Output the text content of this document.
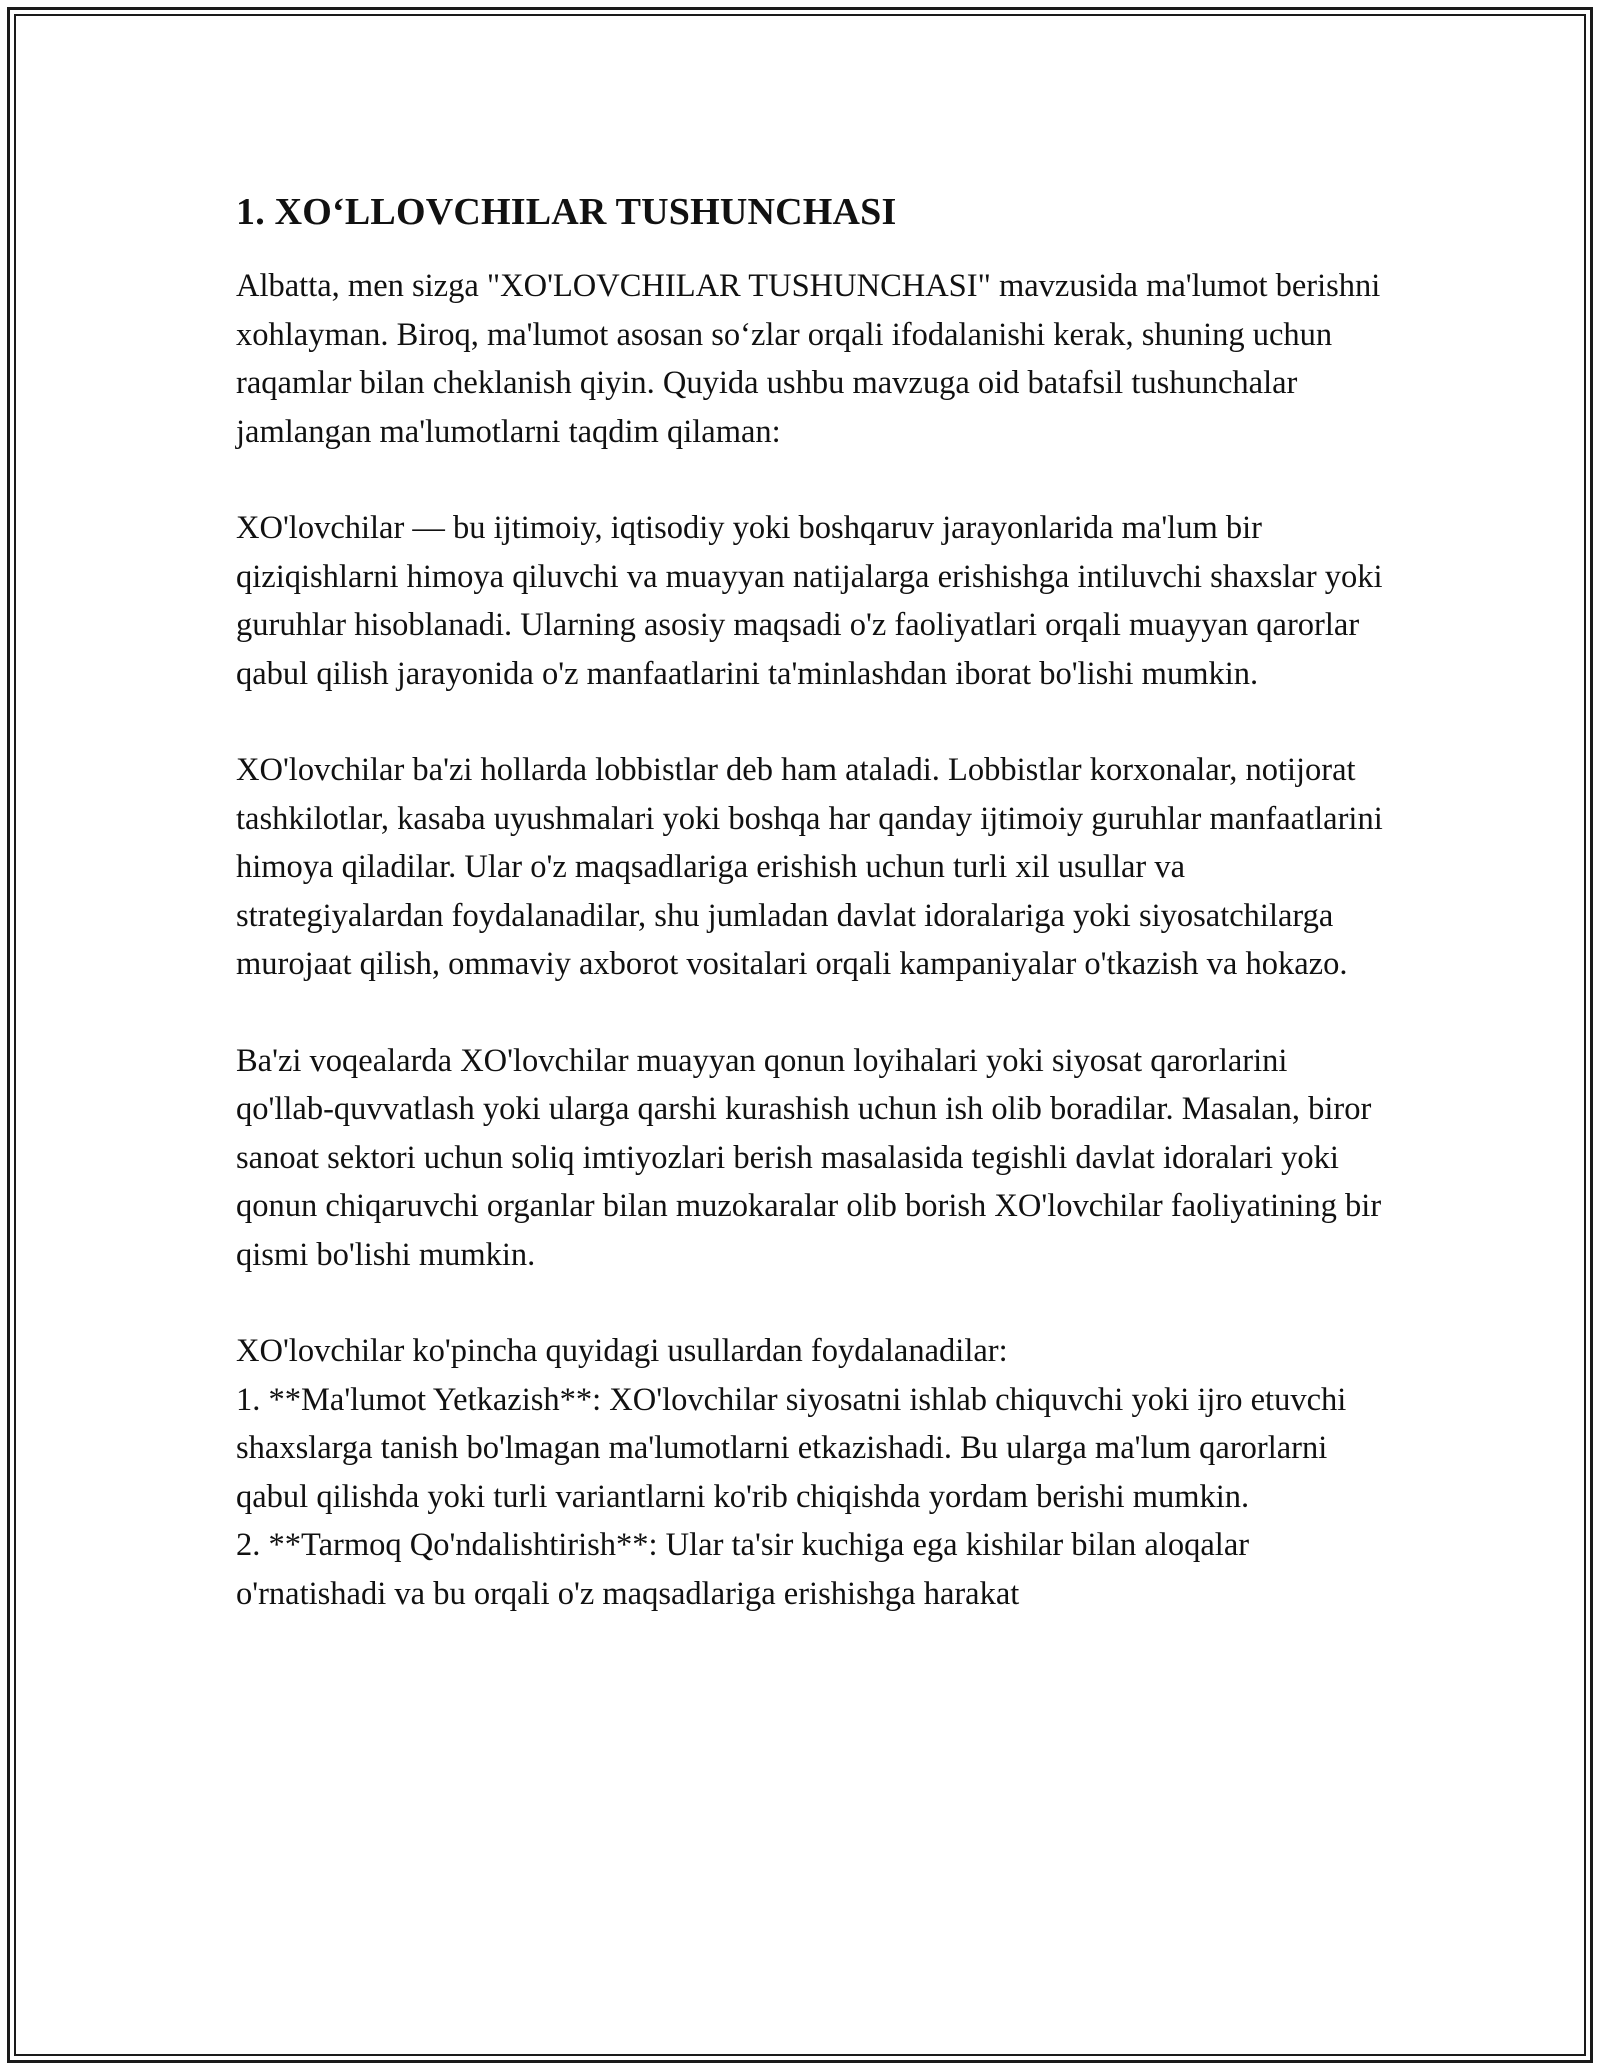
1. XO‘LLOVCHILAR TUSHUNCHASI

Albatta, men sizga "XO'LOVCHILAR TUSHUNCHASI" mavzusida ma'lumot berishni xohlayman. Biroq, ma'lumot asosan so‘zlar orqali ifodalanishi kerak, shuning uchun raqamlar bilan cheklanish qiyin. Quyida ushbu mavzuga oid batafsil tushunchalar jamlangan ma'lumotlarni taqdim qilaman:

XO'lovchilar — bu ijtimoiy, iqtisodiy yoki boshqaruv jarayonlarida ma'lum bir qiziqishlarni himoya qiluvchi va muayyan natijalarga erishishga intiluvchi shaxslar yoki guruhlar hisoblanadi. Ularning asosiy maqsadi o'z faoliyatlari orqali muayyan qarorlar qabul qilish jarayonida o'z manfaatlarini ta'minlashdan iborat bo'lishi mumkin.

XO'lovchilar ba'zi hollarda lobbistlar deb ham ataladi. Lobbistlar korxonalar, notijorat tashkilotlar, kasaba uyushmalari yoki boshqa har qanday ijtimoiy guruhlar manfaatlarini himoya qiladilar. Ular o'z maqsadlariga erishish uchun turli xil usullar va strategiyalardan foydalanadilar, shu jumladan davlat idoralariga yoki siyosatchilarga murojaat qilish, ommaviy axborot vositalari orqali kampaniyalar o'tkazish va hokazo.

Ba'zi voqealarda XO'lovchilar muayyan qonun loyihalari yoki siyosat qarorlarini qo'llab-quvvatlash yoki ularga qarshi kurashish uchun ish olib boradilar. Masalan, biror sanoat sektori uchun soliq imtiyozlari berish masalasida tegishli davlat idoralari yoki qonun chiqaruvchi organlar bilan muzokaralar olib borish XO'lovchilar faoliyatining bir qismi bo'lishi mumkin.

XO'lovchilar ko'pincha quyidagi usullardan foydalanadilar:

1. **Ma'lumot Yetkazish**: XO'lovchilar siyosatni ishlab chiquvchi yoki ijro etuvchi shaxslarga tanish bo'lmagan ma'lumotlarni etkazishadi. Bu ularga ma'lum qarorlarni qabul qilishda yoki turli variantlarni ko'rib chiqishda yordam berishi mumkin.

2. **Tarmoq Qo'ndalishtirish**: Ular ta'sir kuchiga ega kishilar bilan aloqalar o'rnatishadi va bu orqali o'z maqsadlariga erishishga harakat
